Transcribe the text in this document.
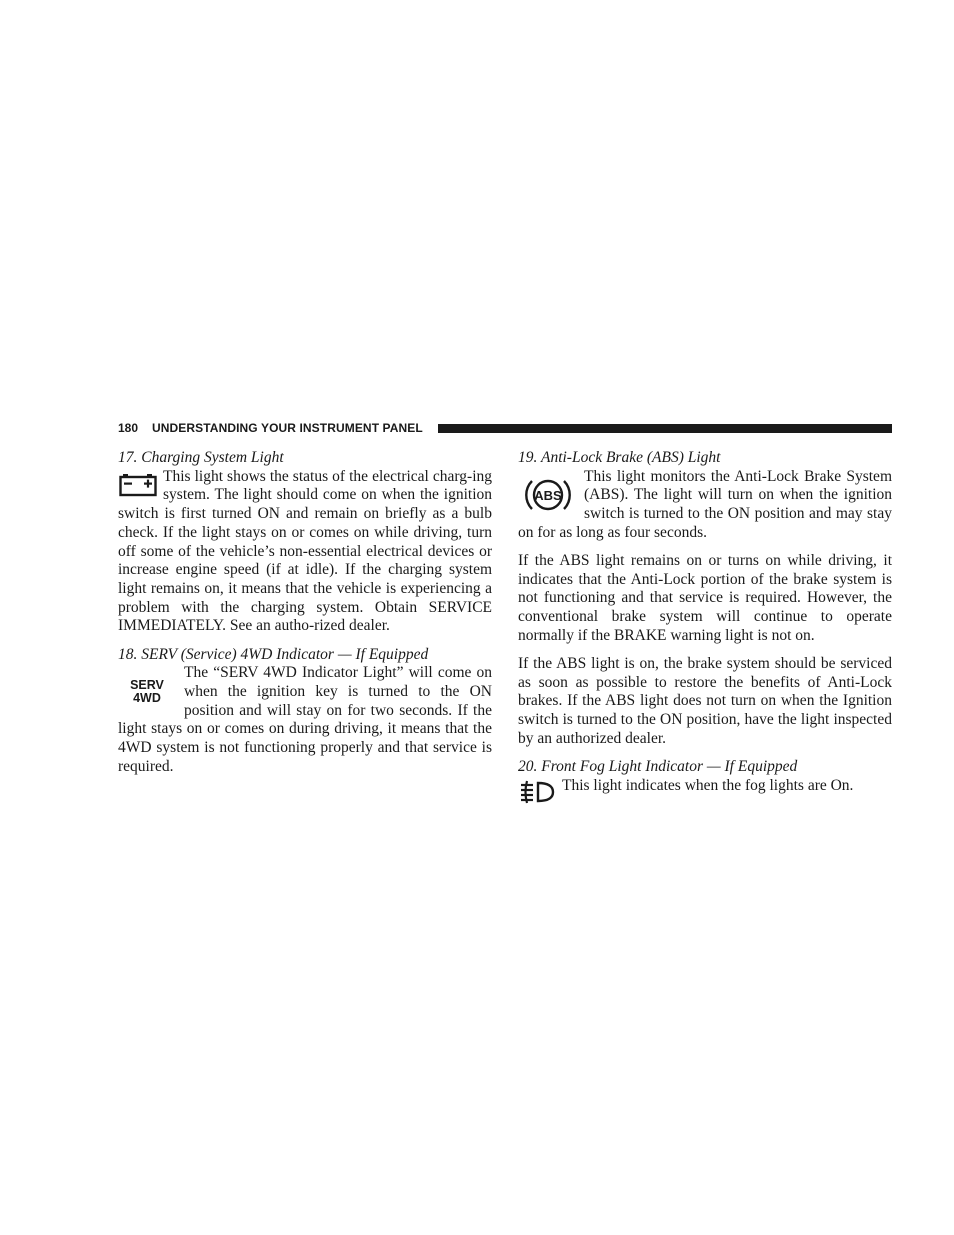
180 UNDERSTANDING YOUR INSTRUMENT PANEL

17. Charging System Light

This light shows the status of the electrical charg-ing system. The light should come on when the ignition switch is first turned ON and remain on briefly as a bulb check. If the light stays on or comes on while driving, turn off some of the vehicle’s non-essential electrical devices or increase engine speed (if at idle). If the charging system light remains on, it means that the vehicle is experiencing a problem with the charging system. Obtain SERVICE IMMEDIATELY. See an autho-rized dealer.

18. SERV (Service) 4WD Indicator — If Equipped

SERV
4WD
The “SERV 4WD Indicator Light” will come on when the ignition key is turned to the ON position and will stay on for two seconds. If the light stays on or comes on during driving, it means that the 4WD system is not functioning properly and that service is required.

19. Anti-Lock Brake (ABS) Light

ABS
This light monitors the Anti-Lock Brake System (ABS). The light will turn on when the ignition switch is turned to the ON position and may stay on for as long as four seconds.

If the ABS light remains on or turns on while driving, it indicates that the Anti-Lock portion of the brake system is not functioning and that service is required. However, the conventional brake system will continue to operate normally if the BRAKE warning light is not on.

If the ABS light is on, the brake system should be serviced as soon as possible to restore the benefits of Anti-Lock brakes. If the ABS light does not turn on when the Ignition switch is turned to the ON position, have the light inspected by an authorized dealer.

20. Front Fog Light Indicator — If Equipped

This light indicates when the fog lights are On.
